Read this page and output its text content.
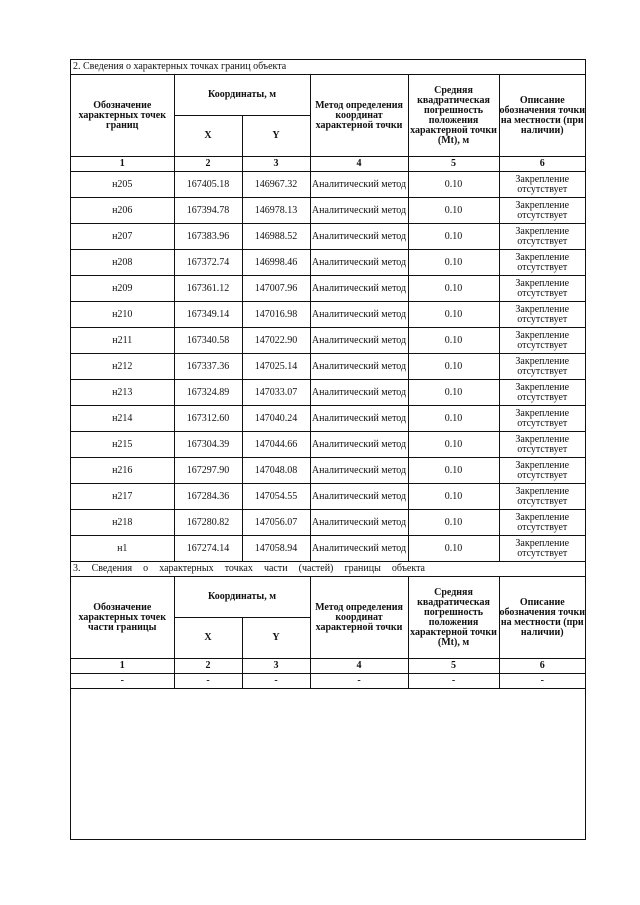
2. Сведения о характерных точках границ объекта
Обозначение характерных точек границ	Координаты, м		Метод определения координат характерной точки	Средняя квадратическая погрешность положения характерной точки (Mt), м	Описание обозначения точки на местности (при наличии)
	X	Y			
1	2	3	4	5	6
н205	167405.18	146967.32	Аналитический метод	0.10	Закрепление отсутствует
н206	167394.78	146978.13	Аналитический метод	0.10	Закрепление отсутствует
н207	167383.96	146988.52	Аналитический метод	0.10	Закрепление отсутствует
н208	167372.74	146998.46	Аналитический метод	0.10	Закрепление отсутствует
н209	167361.12	147007.96	Аналитический метод	0.10	Закрепление отсутствует
н210	167349.14	147016.98	Аналитический метод	0.10	Закрепление отсутствует
н211	167340.58	147022.90	Аналитический метод	0.10	Закрепление отсутствует
н212	167337.36	147025.14	Аналитический метод	0.10	Закрепление отсутствует
н213	167324.89	147033.07	Аналитический метод	0.10	Закрепление отсутствует
н214	167312.60	147040.24	Аналитический метод	0.10	Закрепление отсутствует
н215	167304.39	147044.66	Аналитический метод	0.10	Закрепление отсутствует
н216	167297.90	147048.08	Аналитический метод	0.10	Закрепление отсутствует
н217	167284.36	147054.55	Аналитический метод	0.10	Закрепление отсутствует
н218	167280.82	147056.07	Аналитический метод	0.10	Закрепление отсутствует
н1	167274.14	147058.94	Аналитический метод	0.10	Закрепление отсутствует
3. Сведения о характерных точках части (частей) границы объекта
Обозначение характерных точек части границы	Координаты, м		Метод определения координат характерной точки	Средняя квадратическая погрешность положения характерной точки (Mt), м	Описание обозначения точки на местности (при наличии)
	X	Y			
1	2	3	4	5	6
-	-	-	-	-	-
